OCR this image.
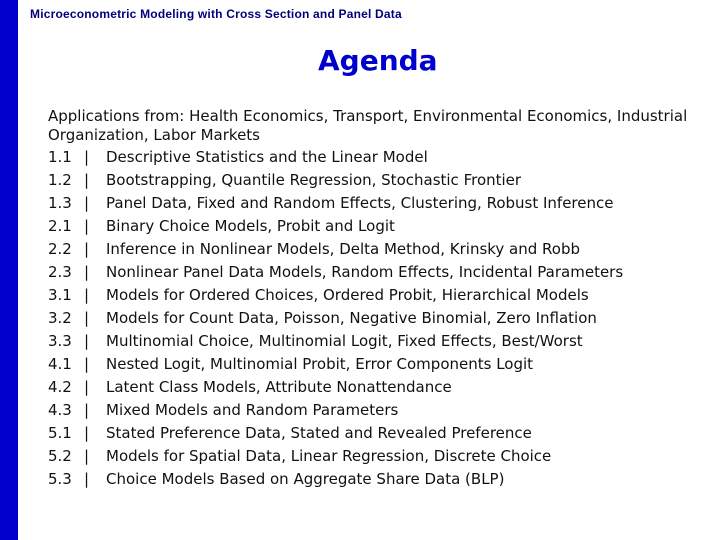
Microeconometric Modeling with Cross Section and Panel Data
Agenda
Applications from: Health Economics, Transport, Environmental Economics, Industrial Organization, Labor Markets
1.1 |	Descriptive Statistics and the Linear Model
1.2 |	Bootstrapping, Quantile Regression, Stochastic Frontier
1.3 |	Panel Data, Fixed and Random Effects, Clustering, Robust Inference
2.1 |	Binary Choice Models, Probit and Logit
2.2 |	Inference in Nonlinear Models, Delta Method, Krinsky and Robb
2.3 |	Nonlinear Panel Data Models, Random Effects, Incidental Parameters
3.1 |	Models for Ordered Choices, Ordered Probit, Hierarchical Models
3.2 |	Models for Count Data, Poisson, Negative Binomial, Zero Inflation
3.3 |	Multinomial Choice, Multinomial Logit, Fixed Effects, Best/Worst
4.1 |	Nested Logit, Multinomial Probit, Error Components Logit
4.2 |	Latent Class Models, Attribute Nonattendance
4.3 |	Mixed Models and Random Parameters
5.1 |	Stated Preference Data, Stated and Revealed Preference
5.2 |	Models for Spatial Data, Linear Regression, Discrete Choice
5.3 |	Choice Models Based on Aggregate Share Data (BLP)
